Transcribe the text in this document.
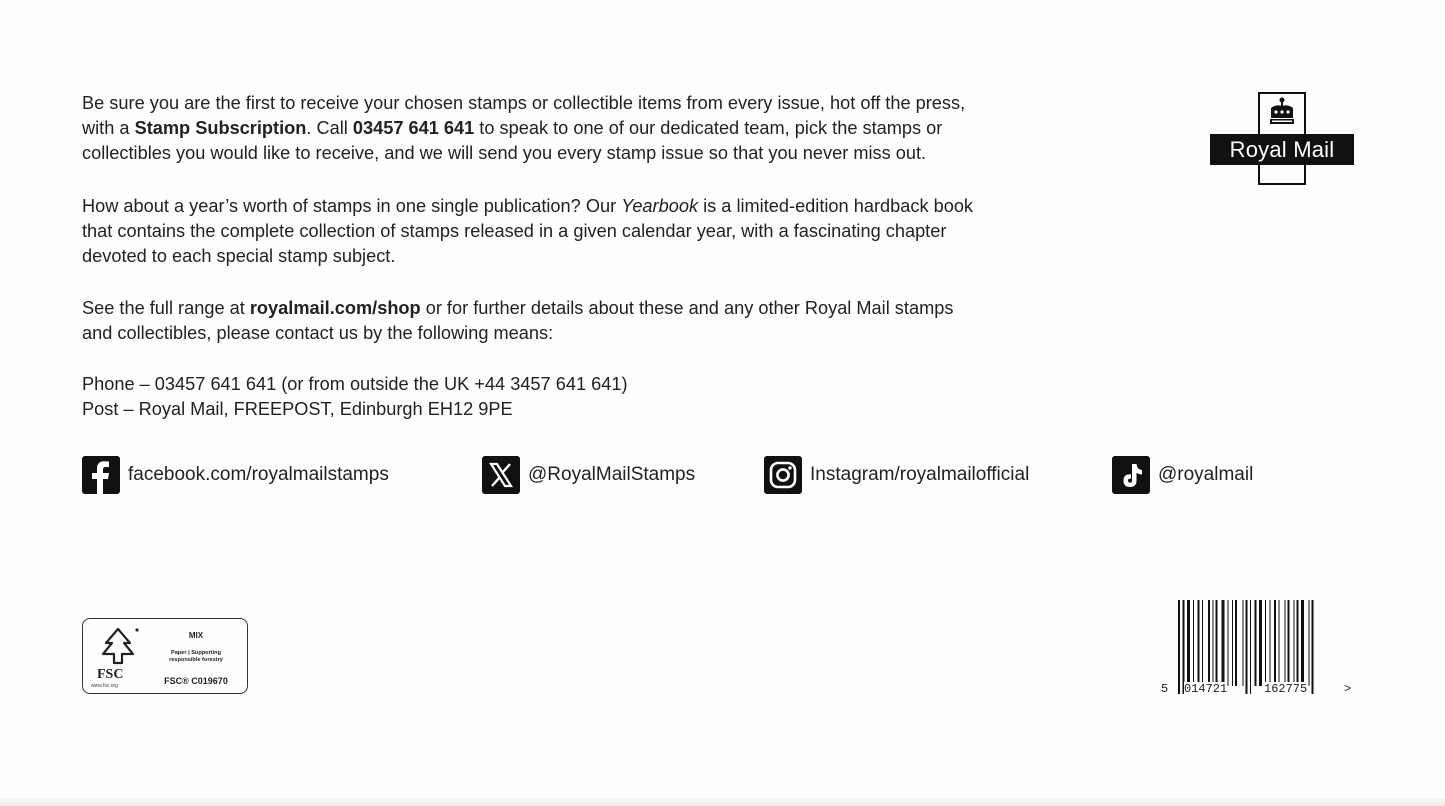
Be sure you are the first to receive your chosen stamps or collectible items from every issue, hot off the press,
with a Stamp Subscription. Call 03457 641 641 to speak to one of our dedicated team, pick the stamps or
collectibles you would like to receive, and we will send you every stamp issue so that you never miss out.
How about a year’s worth of stamps in one single publication? Our Yearbook is a limited-edition hardback book
that contains the complete collection of stamps released in a given calendar year, with a fascinating chapter
devoted to each special stamp subject.
See the full range at royalmail.com/shop or for further details about these and any other Royal Mail stamps
and collectibles, please contact us by the following means:
Phone – 03457 641 641 (or from outside the UK +44 3457 641 641)
Post – Royal Mail, FREEPOST, Edinburgh EH12 9PE
Royal Mail
facebook.com/royalmailstamps	@RoyalMailStamps	Instagram/royalmailofficial	@royalmail
FSC
www.fsc.org
MIX
Paper | Supporting
responsible forestry
FSC® C019670
5 014721	162775	>
